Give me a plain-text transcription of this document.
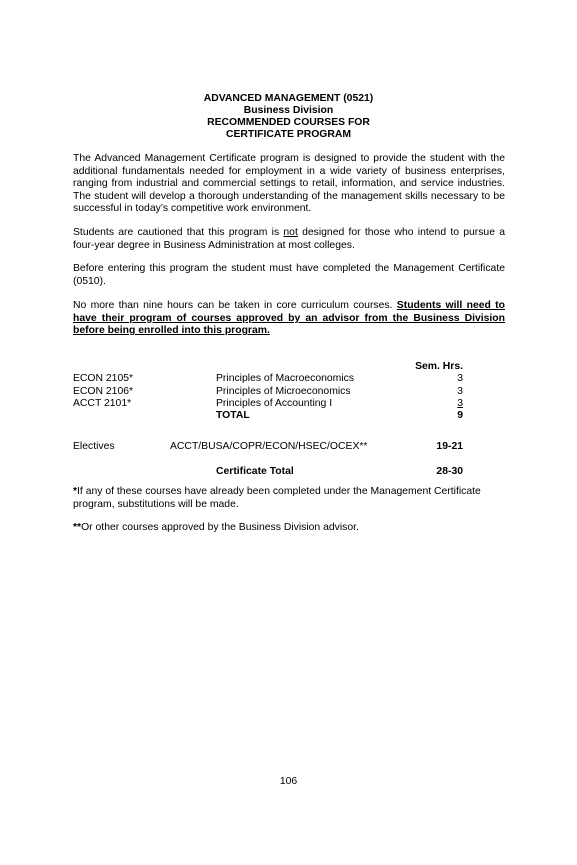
ADVANCED MANAGEMENT (0521)
Business Division
RECOMMENDED COURSES FOR
CERTIFICATE PROGRAM
The Advanced Management Certificate program is designed to provide the student with the additional fundamentals needed for employment in a wide variety of business enterprises, ranging from industrial and commercial settings to retail, information, and service industries. The student will develop a thorough understanding of the management skills necessary to be successful in today’s competitive work environment.
Students are cautioned that this program is not designed for those who intend to pursue a four-year degree in Business Administration at most colleges.
Before entering this program the student must have completed the Management Certificate (0510).
No more than nine hours can be taken in core curriculum courses. Students will need to have their program of courses approved by an advisor from the Business Division before being enrolled into this program.
Sem. Hrs.
ECON 2105*	Principles of Macroeconomics	3
ECON 2106*	Principles of Microeconomics	3
ACCT 2101*	Principles of Accounting I	3
TOTAL	9
Electives	ACCT/BUSA/COPR/ECON/HSEC/OCEX**	19-21
Certificate Total	28-30
*If any of these courses have already been completed under the Management Certificate program, substitutions will be made.
**Or other courses approved by the Business Division advisor.
106
